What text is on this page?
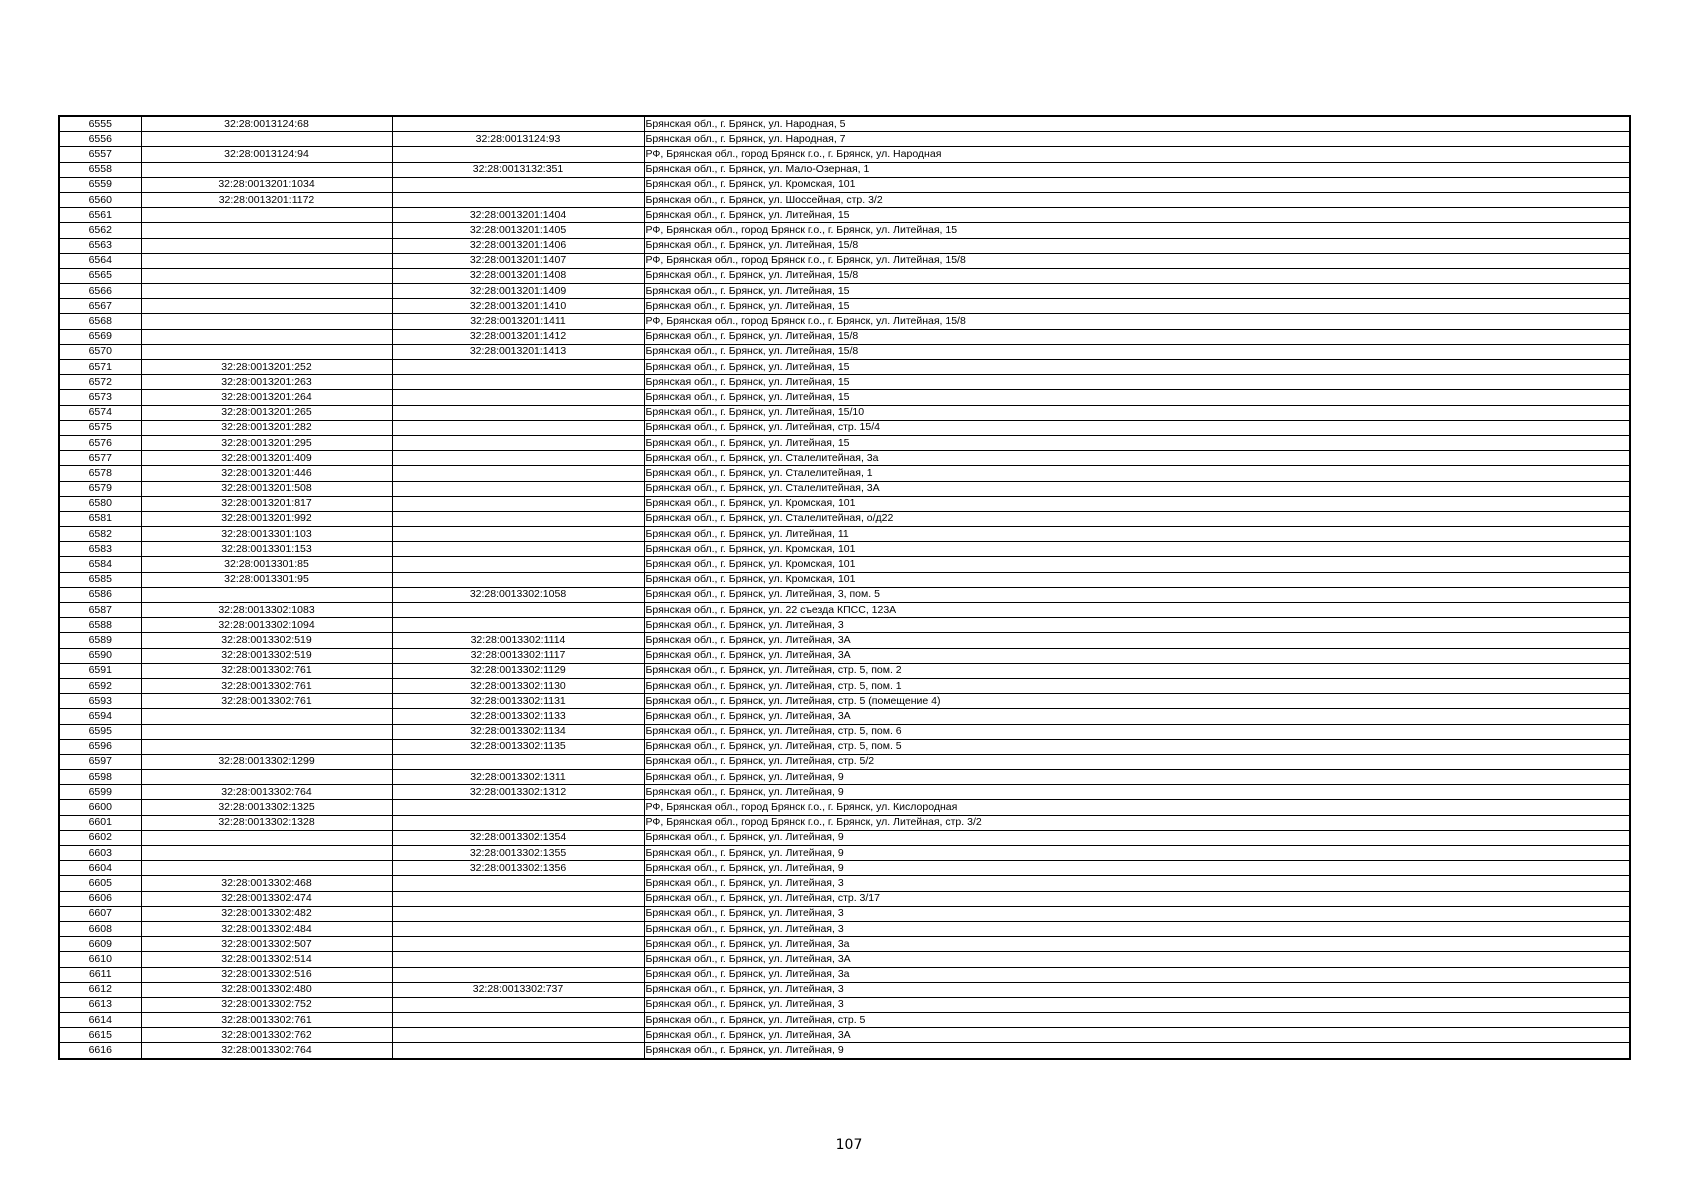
6555	32:28:0013124:68		Брянская обл., г. Брянск, ул. Народная, 5
6556		32:28:0013124:93	Брянская обл., г. Брянск, ул. Народная, 7
6557	32:28:0013124:94		РФ, Брянская обл., город Брянск г.о., г. Брянск, ул. Народная
6558		32:28:0013132:351	Брянская обл., г. Брянск, ул. Мало-Озерная, 1
6559	32:28:0013201:1034		Брянская обл., г. Брянск, ул. Кромская, 101
6560	32:28:0013201:1172		Брянская обл., г. Брянск, ул. Шоссейная, стр. 3/2
6561		32:28:0013201:1404	Брянская обл., г. Брянск, ул. Литейная, 15
6562		32:28:0013201:1405	РФ, Брянская обл., город Брянск г.о., г. Брянск, ул. Литейная, 15
6563		32:28:0013201:1406	Брянская обл., г. Брянск, ул. Литейная, 15/8
6564		32:28:0013201:1407	РФ, Брянская обл., город Брянск г.о., г. Брянск, ул. Литейная, 15/8
6565		32:28:0013201:1408	Брянская обл., г. Брянск, ул. Литейная, 15/8
6566		32:28:0013201:1409	Брянская обл., г. Брянск, ул. Литейная, 15
6567		32:28:0013201:1410	Брянская обл., г. Брянск, ул. Литейная, 15
6568		32:28:0013201:1411	РФ, Брянская обл., город Брянск г.о., г. Брянск, ул. Литейная, 15/8
6569		32:28:0013201:1412	Брянская обл., г. Брянск, ул. Литейная, 15/8
6570		32:28:0013201:1413	Брянская обл., г. Брянск, ул. Литейная, 15/8
6571	32:28:0013201:252		Брянская обл., г. Брянск, ул. Литейная, 15
6572	32:28:0013201:263		Брянская обл., г. Брянск, ул. Литейная, 15
6573	32:28:0013201:264		Брянская обл., г. Брянск, ул. Литейная, 15
6574	32:28:0013201:265		Брянская обл., г. Брянск, ул. Литейная, 15/10
6575	32:28:0013201:282		Брянская обл., г. Брянск, ул. Литейная, стр. 15/4
6576	32:28:0013201:295		Брянская обл., г. Брянск, ул. Литейная, 15
6577	32:28:0013201:409		Брянская обл., г. Брянск, ул. Сталелитейная, 3а
6578	32:28:0013201:446		Брянская обл., г. Брянск, ул. Сталелитейная, 1
6579	32:28:0013201:508		Брянская обл., г. Брянск, ул. Сталелитейная, 3А
6580	32:28:0013201:817		Брянская обл., г. Брянск, ул. Кромская, 101
6581	32:28:0013201:992		Брянская обл., г. Брянск, ул. Сталелитейная, о/д22
6582	32:28:0013301:103		Брянская обл., г. Брянск, ул. Литейная, 11
6583	32:28:0013301:153		Брянская обл., г. Брянск, ул. Кромская, 101
6584	32:28:0013301:85		Брянская обл., г. Брянск, ул. Кромская, 101
6585	32:28:0013301:95		Брянская обл., г. Брянск, ул. Кромская, 101
6586		32:28:0013302:1058	Брянская обл., г. Брянск, ул. Литейная, 3, пом. 5
6587	32:28:0013302:1083		Брянская обл., г. Брянск, ул. 22 съезда КПСС, 123А
6588	32:28:0013302:1094		Брянская обл., г. Брянск, ул. Литейная, 3
6589	32:28:0013302:519	32:28:0013302:1114	Брянская обл., г. Брянск, ул. Литейная, 3А
6590	32:28:0013302:519	32:28:0013302:1117	Брянская обл., г. Брянск, ул. Литейная, 3А
6591	32:28:0013302:761	32:28:0013302:1129	Брянская обл., г. Брянск, ул. Литейная, стр. 5, пом. 2
6592	32:28:0013302:761	32:28:0013302:1130	Брянская обл., г. Брянск, ул. Литейная, стр. 5, пом. 1
6593	32:28:0013302:761	32:28:0013302:1131	Брянская обл., г. Брянск, ул. Литейная, стр. 5 (помещение 4)
6594		32:28:0013302:1133	Брянская обл., г. Брянск, ул. Литейная, 3А
6595		32:28:0013302:1134	Брянская обл., г. Брянск, ул. Литейная, стр. 5, пом. 6
6596		32:28:0013302:1135	Брянская обл., г. Брянск, ул. Литейная, стр. 5, пом. 5
6597	32:28:0013302:1299		Брянская обл., г. Брянск, ул. Литейная, стр. 5/2
6598		32:28:0013302:1311	Брянская обл., г. Брянск, ул. Литейная, 9
6599	32:28:0013302:764	32:28:0013302:1312	Брянская обл., г. Брянск, ул. Литейная, 9
6600	32:28:0013302:1325		РФ, Брянская обл., город Брянск г.о., г. Брянск, ул. Кислородная
6601	32:28:0013302:1328		РФ, Брянская обл., город Брянск г.о., г. Брянск, ул. Литейная, стр. 3/2
6602		32:28:0013302:1354	Брянская обл., г. Брянск, ул. Литейная, 9
6603		32:28:0013302:1355	Брянская обл., г. Брянск, ул. Литейная, 9
6604		32:28:0013302:1356	Брянская обл., г. Брянск, ул. Литейная, 9
6605	32:28:0013302:468		Брянская обл., г. Брянск, ул. Литейная, 3
6606	32:28:0013302:474		Брянская обл., г. Брянск, ул. Литейная, стр. 3/17
6607	32:28:0013302:482		Брянская обл., г. Брянск, ул. Литейная, 3
6608	32:28:0013302:484		Брянская обл., г. Брянск, ул. Литейная, 3
6609	32:28:0013302:507		Брянская обл., г. Брянск, ул. Литейная, 3а
6610	32:28:0013302:514		Брянская обл., г. Брянск, ул. Литейная, 3А
6611	32:28:0013302:516		Брянская обл., г. Брянск, ул. Литейная, 3а
6612	32:28:0013302:480	32:28:0013302:737	Брянская обл., г. Брянск, ул. Литейная, 3
6613	32:28:0013302:752		Брянская обл., г. Брянск, ул. Литейная, 3
6614	32:28:0013302:761		Брянская обл., г. Брянск, ул. Литейная, стр. 5
6615	32:28:0013302:762		Брянская обл., г. Брянск, ул. Литейная, 3А
6616	32:28:0013302:764		Брянская обл., г. Брянск, ул. Литейная, 9
107
